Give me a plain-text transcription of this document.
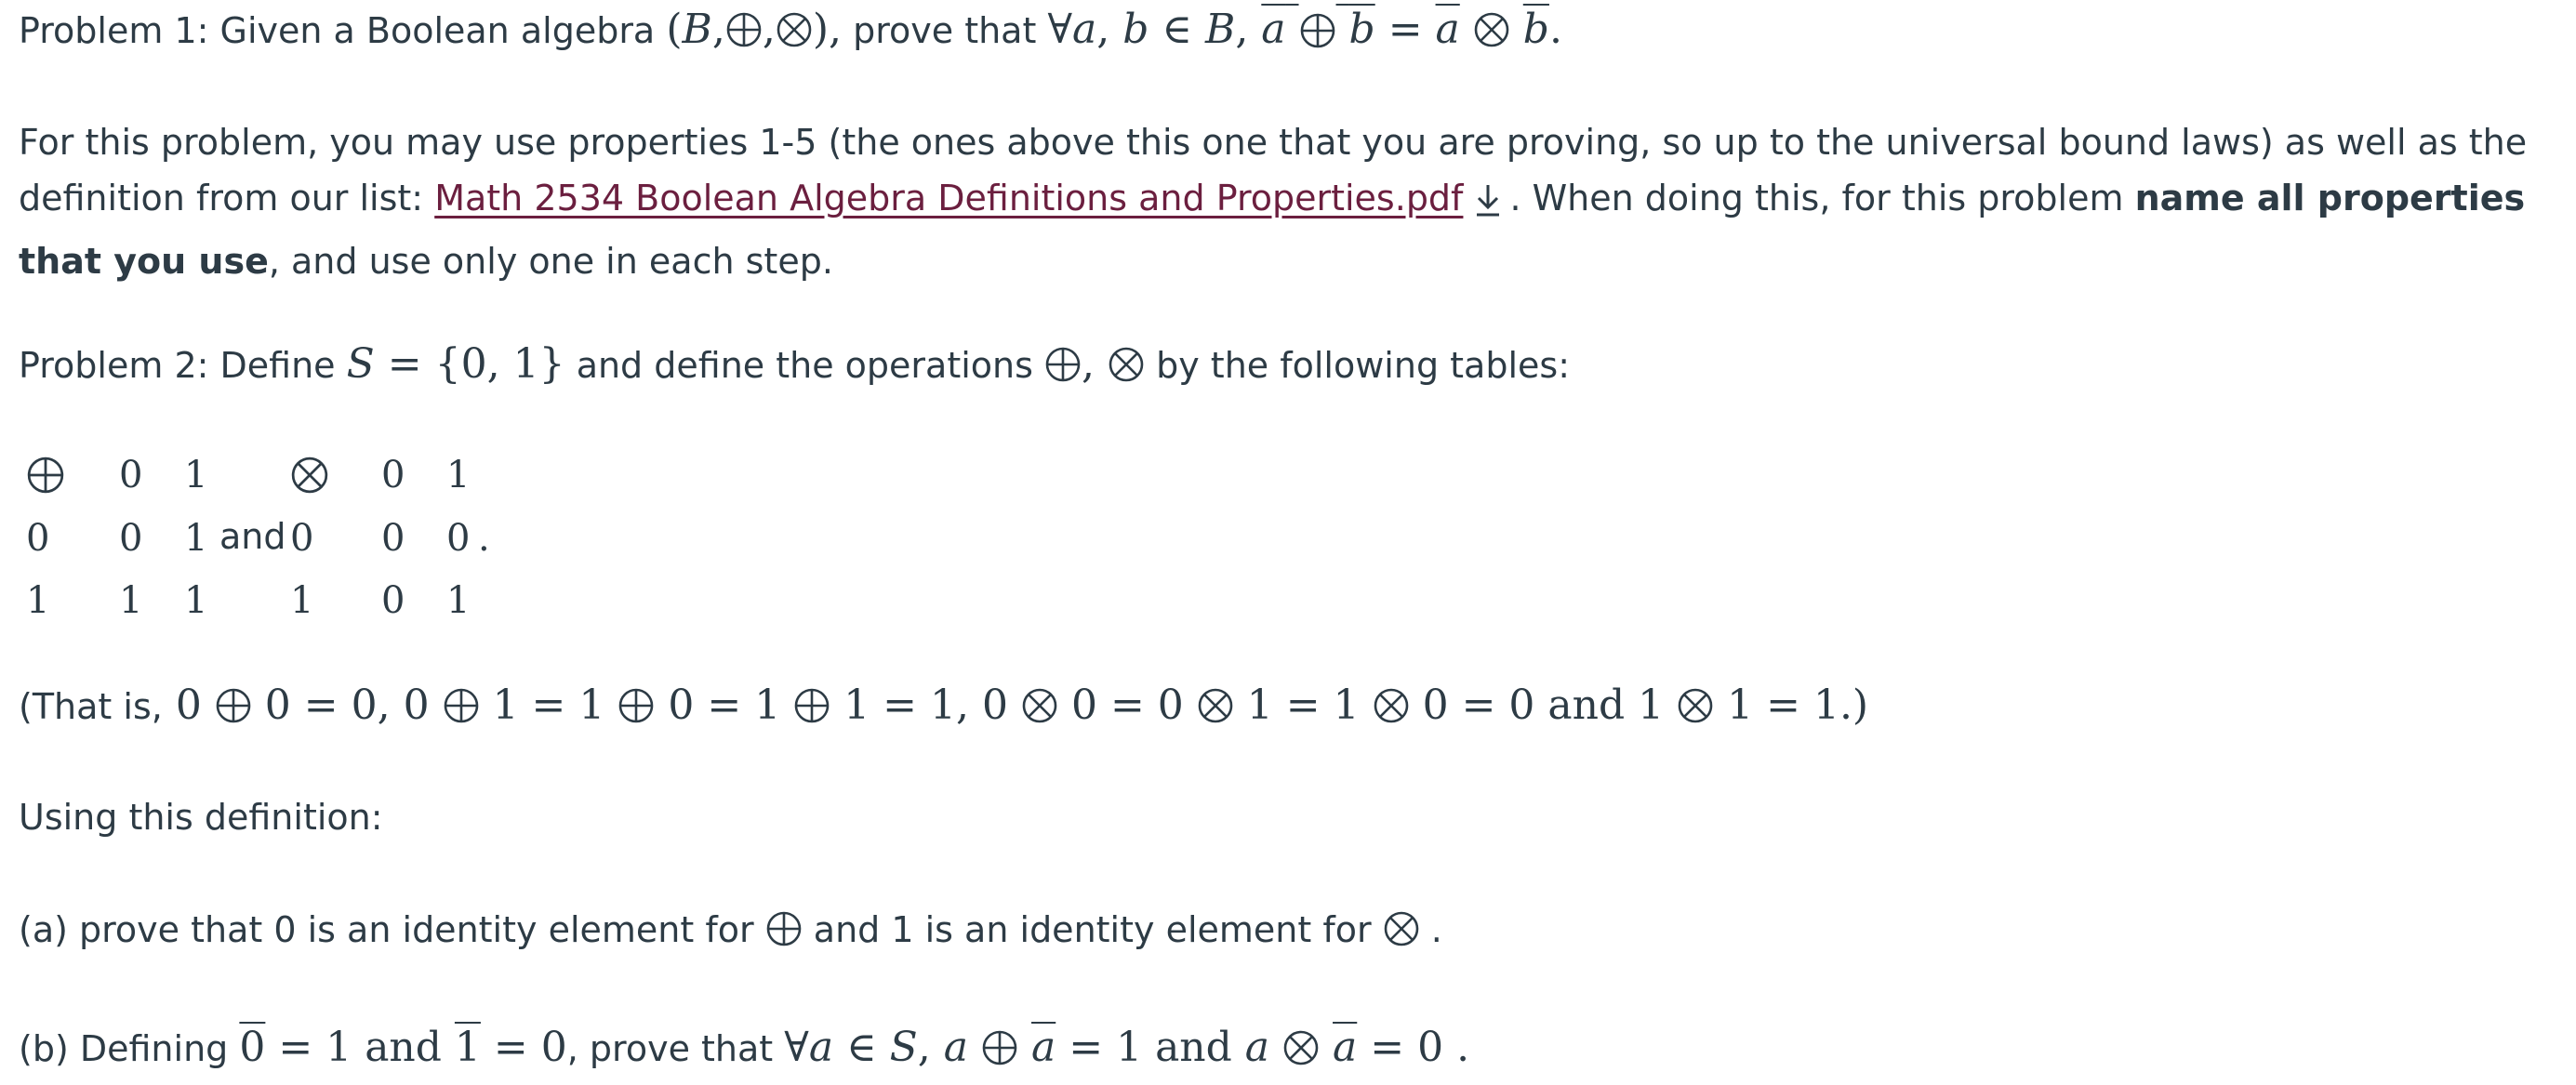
Problem 1: Given a Boolean algebra (B, , ), prove that ∀a, b ∈ B, a $b = \overline{a}$ $\overline{b}$.

For this problem, you may use properties 1-5 (the ones above this one that you are proving, so up to the universal bound laws) as well as the definition from our list: Math 2534 Boolean Algebra Definitions and Properties.pdf . When doing this, for this problem name all properties that you use, and use only one in each step.

Problem 2: Define S = {0, 1} and define the operations ,
by the following tables:

0 1
0 0 1
1 1 1
and
0 1
0 0 0 .
1 0 1

(That is, 0
0 = 0, 0
1 = 1
0 = 1
1 = 1, 0
0 = 0
1 = 1
0 = 0 and 1
1 = 1.)

Using this definition:

(a) prove that 0 is an identity element for and 1 is an identity element for
.

(b) Defining 0 = 1 and 1 = 0, prove that ∀a ∈ S, a $\overline{a} = 1$ and a $\overline{a} = 0$ .
